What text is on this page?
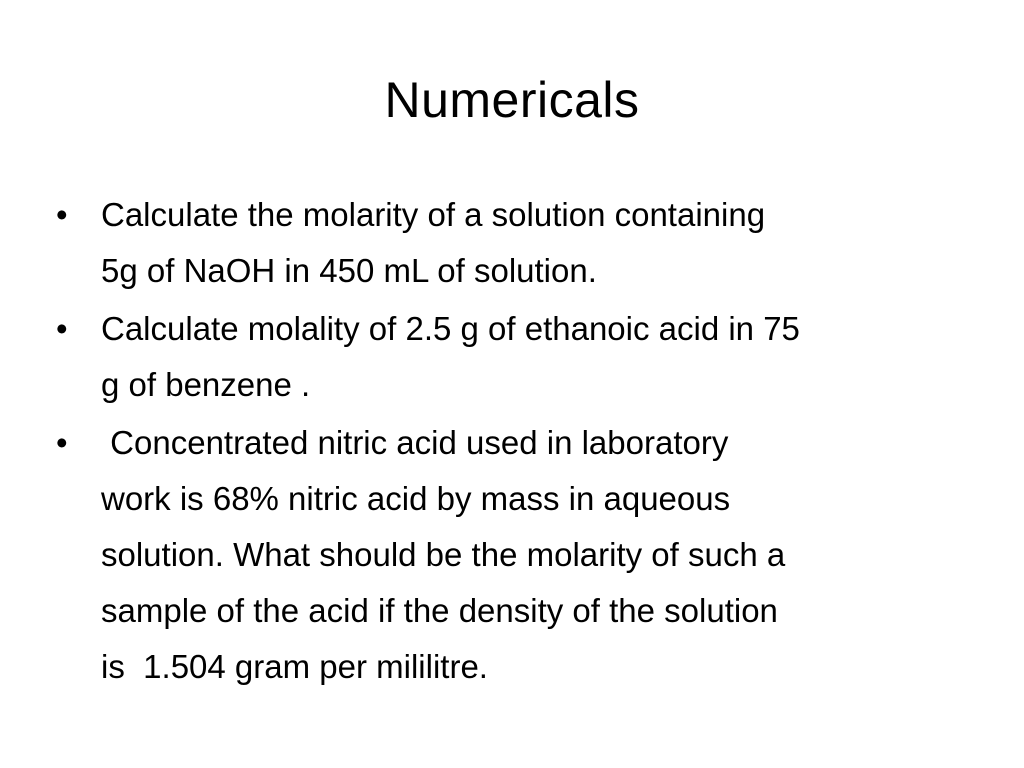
Numericals
•	Calculate the molarity of a solution containing
5g of NaOH in 450 mL of solution.
•	Calculate molality of 2.5 g of ethanoic acid in 75
g of benzene .
•	Concentrated nitric acid used in laboratory
work is 68% nitric acid by mass in aqueous
solution. What should be the molarity of such a
sample of the acid if the density of the solution
is  1.504 gram per mililitre.
